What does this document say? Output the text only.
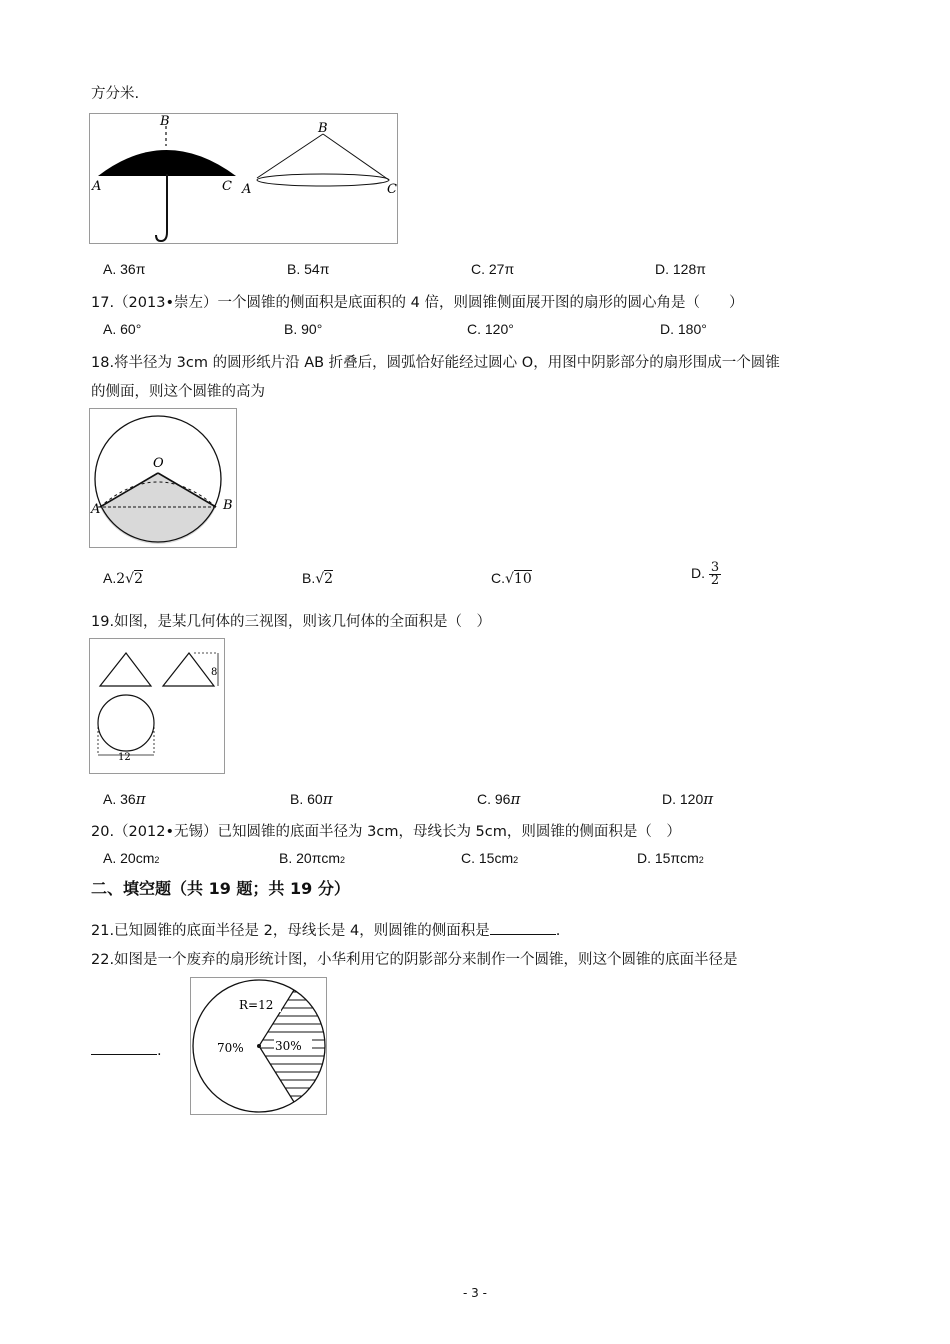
方分米.
B
A	C
B
A	C
A. 36π	B. 54π	C. 27π	D. 128π
17.（2013•崇左）一个圆锥的侧面积是底面积的 4 倍，则圆锥侧面展开图的扇形的圆心角是（　　）
A. 60°	B. 90°	C. 120°	D. 180°
18.将半径为 3cm 的圆形纸片沿 AB 折叠后，圆弧恰好能经过圆心 O，用图中阴影部分的扇形围成一个圆锥
的侧面，则这个圆锥的高为
O
A	B
A.2√2	B.√2	C.√10	D. $\frac{3}{2}$
19.如图，是某几何体的三视图，则该几何体的全面积是（　）
8
12
A. 36π	B. 60π	C. 96π	D. 120π
20.（2012•无锡）已知圆锥的底面半径为 3cm，母线长为 5cm，则圆锥的侧面积是（　）
A. 20cm2	B. 20πcm2	C. 15cm2	D. 15πcm2
二、填空题（共 19 题；共 19 分）
21.已知圆锥的底面半径是 2，母线长是 4，则圆锥的侧面积是	.
22.如图是一个废弃的扇形统计图，小华利用它的阴影部分来制作一个圆锥，则这个圆锥的底面半径是
.
R=12
70%	30%
- 3 -
